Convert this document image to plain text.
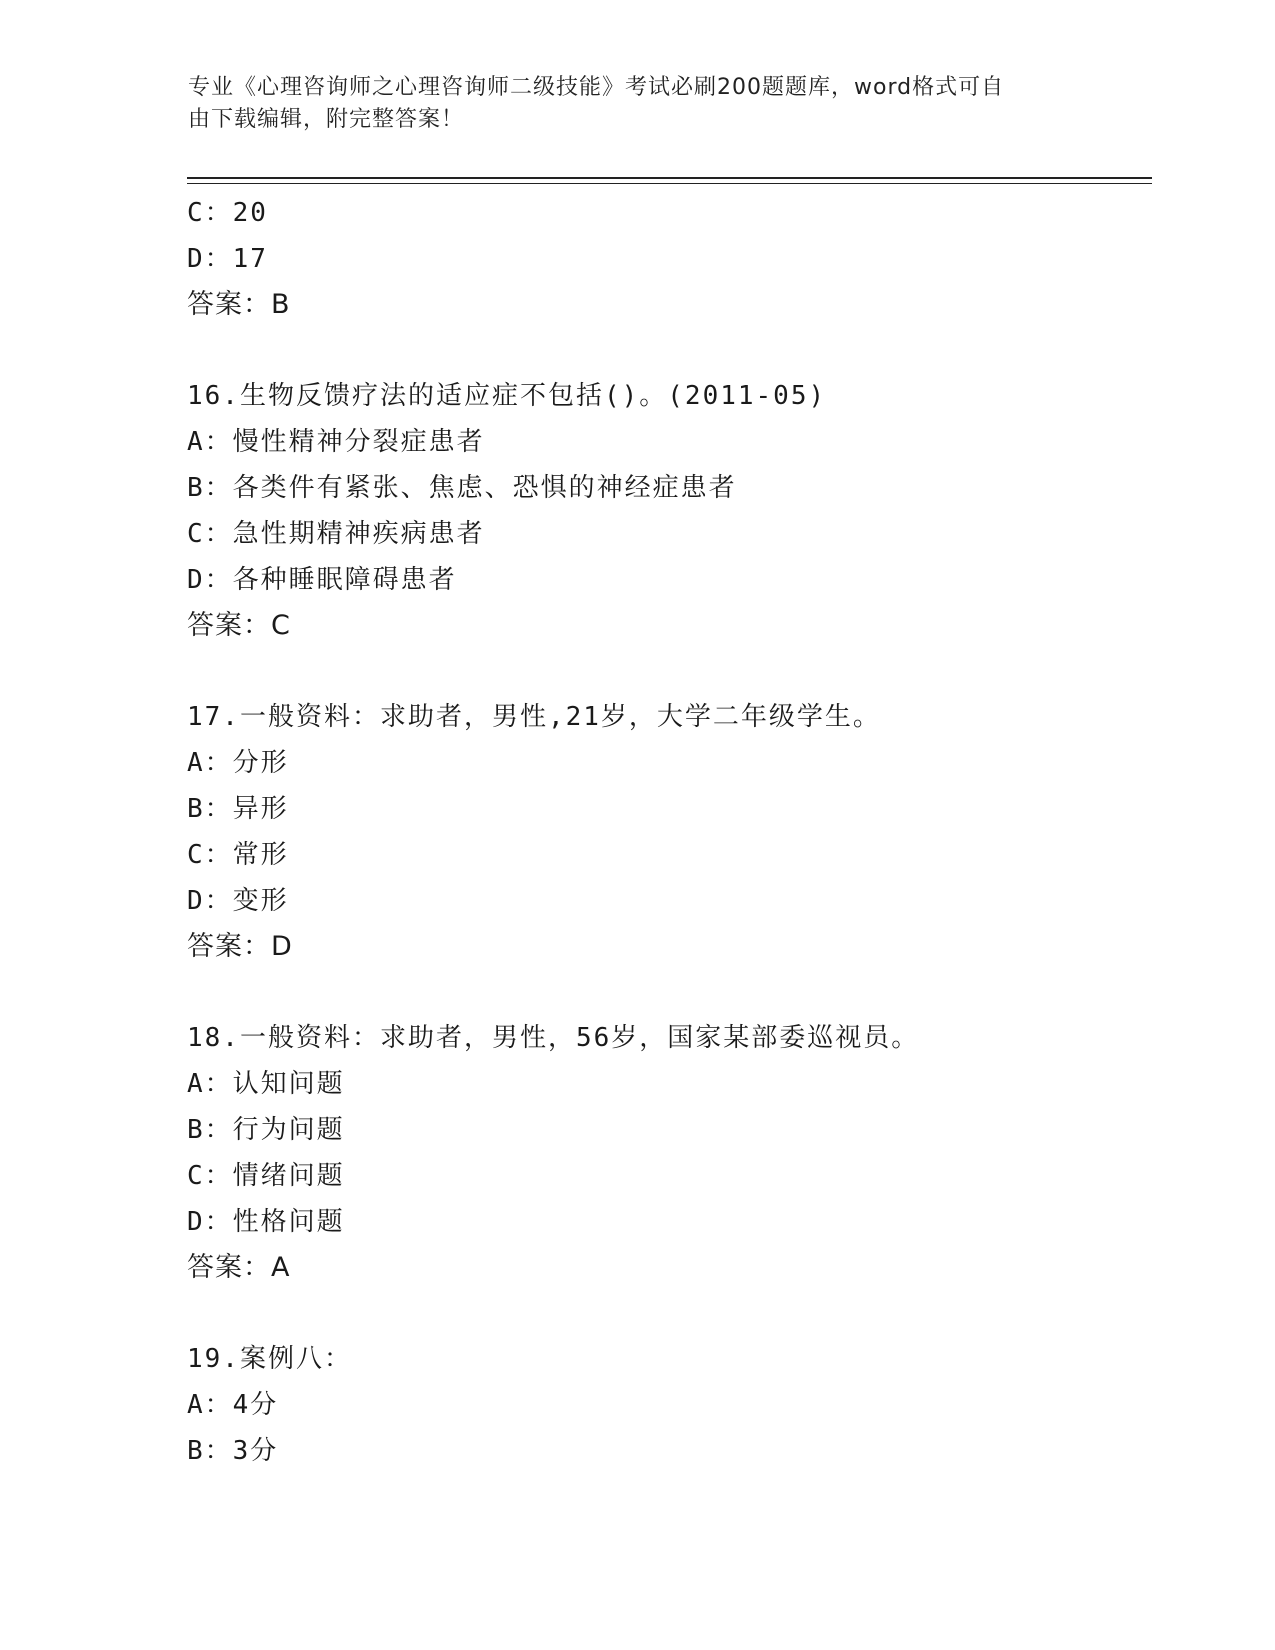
专业《心理咨询师之心理咨询师二级技能》考试必刷200题题库，word格式可自
由下载编辑，附完整答案！
C：20
D：17
答案：B
16.生物反馈疗法的适应症不包括()。(2011-05)
A：慢性精神分裂症患者
B：各类件有紧张、焦虑、恐惧的神经症患者
C：急性期精神疾病患者
D：各种睡眠障碍患者
答案：C
17.一般资料：求助者，男性,21岁，大学二年级学生。
A：分形
B：异形
C：常形
D：变形
答案：D
18.一般资料：求助者，男性，56岁，国家某部委巡视员。
A：认知问题
B：行为问题
C：情绪问题
D：性格问题
答案：A
19.案例八：
A：4分
B：3分
